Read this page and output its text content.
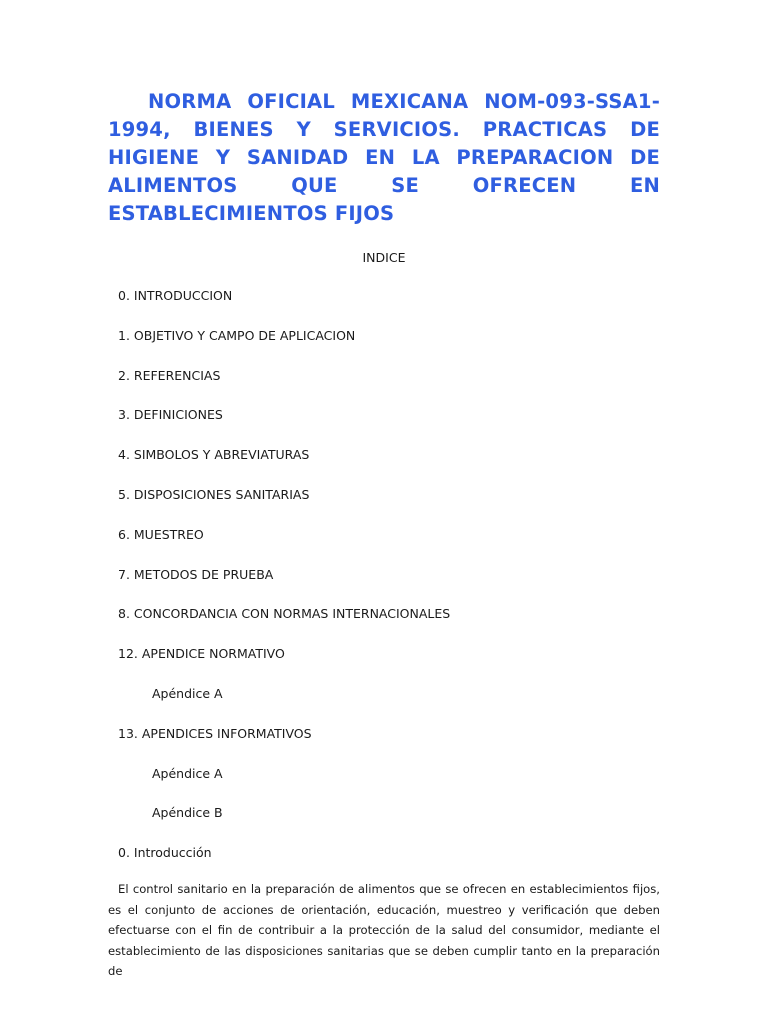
NORMA OFICIAL MEXICANA NOM-093-SSA1-1994, BIENES Y SERVICIOS. PRACTICAS DE HIGIENE Y SANIDAD EN LA PREPARACION DE ALIMENTOS QUE SE OFRECEN EN ESTABLECIMIENTOS FIJOS
INDICE
0. INTRODUCCION
1. OBJETIVO Y CAMPO DE APLICACION
2. REFERENCIAS
3. DEFINICIONES
4. SIMBOLOS Y ABREVIATURAS
5. DISPOSICIONES SANITARIAS
6. MUESTREO
7. METODOS DE PRUEBA
8. CONCORDANCIA CON NORMAS INTERNACIONALES
12. APENDICE NORMATIVO
Apéndice A
13. APENDICES INFORMATIVOS
Apéndice A
Apéndice B
0. Introducción

El control sanitario en la preparación de alimentos que se ofrecen en establecimientos fijos, es el conjunto de acciones de orientación, educación, muestreo y verificación que deben efectuarse con el fin de contribuir a la protección de la salud del consumidor, mediante el establecimiento de las disposiciones sanitarias que se deben cumplir tanto en la preparación de
